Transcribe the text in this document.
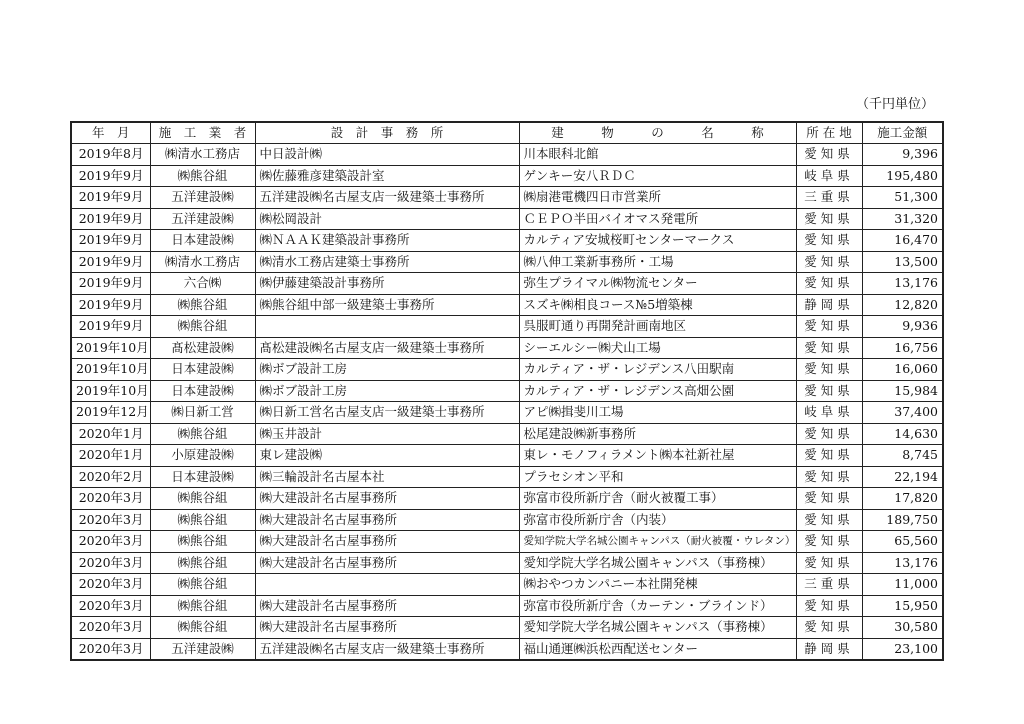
（千円単位）
年　月	施　工　業　者	設　計　事　務　所	建　　　物　　　の　　　名　　　称	所 在 地	施工金額
2019年8月	㈱清水工務店	中日設計㈱	川本眼科北館	愛知県	9,396
2019年9月	㈱熊谷組	㈱佐藤雅彦建築設計室	ゲンキー安八ＲＤＣ	岐阜県	195,480
2019年9月	五洋建設㈱	五洋建設㈱名古屋支店一級建築士事務所	㈱扇港電機四日市営業所	三重県	51,300
2019年9月	五洋建設㈱	㈱松岡設計	ＣＥＰＯ半田バイオマス発電所	愛知県	31,320
2019年9月	日本建設㈱	㈱ＮＡＡＫ建築設計事務所	カルティア安城桜町センターマークス	愛知県	16,470
2019年9月	㈱清水工務店	㈱清水工務店建築士事務所	㈱八伸工業新事務所・工場	愛知県	13,500
2019年9月	六合㈱	㈱伊藤建築設計事務所	弥生プライマル㈱物流センター	愛知県	13,176
2019年9月	㈱熊谷組	㈱熊谷組中部一級建築士事務所	スズキ㈱相良コース№5増築棟	静岡県	12,820
2019年9月	㈱熊谷組		呉服町通り再開発計画南地区	愛知県	9,936
2019年10月	髙松建設㈱	髙松建設㈱名古屋支店一級建築士事務所	シーエルシー㈱犬山工場	愛知県	16,756
2019年10月	日本建設㈱	㈱ボブ設計工房	カルティア・ザ・レジデンス八田駅南	愛知県	16,060
2019年10月	日本建設㈱	㈱ボブ設計工房	カルティア・ザ・レジデンス高畑公園	愛知県	15,984
2019年12月	㈱日新工営	㈱日新工営名古屋支店一級建築士事務所	アピ㈱揖斐川工場	岐阜県	37,400
2020年1月	㈱熊谷組	㈱玉井設計	松尾建設㈱新事務所	愛知県	14,630
2020年1月	小原建設㈱	東レ建設㈱	東レ・モノフィラメント㈱本社新社屋	愛知県	8,745
2020年2月	日本建設㈱	㈱三輪設計名古屋本社	プラセシオン平和	愛知県	22,194
2020年3月	㈱熊谷組	㈱大建設計名古屋事務所	弥富市役所新庁舎（耐火被覆工事）	愛知県	17,820
2020年3月	㈱熊谷組	㈱大建設計名古屋事務所	弥富市役所新庁舎（内装）	愛知県	189,750
2020年3月	㈱熊谷組	㈱大建設計名古屋事務所	愛知学院大学名城公園キャンパス（耐火被覆・ウレタン）	愛知県	65,560
2020年3月	㈱熊谷組	㈱大建設計名古屋事務所	愛知学院大学名城公園キャンパス（事務棟）	愛知県	13,176
2020年3月	㈱熊谷組		㈱おやつカンパニー本社開発棟	三重県	11,000
2020年3月	㈱熊谷組	㈱大建設計名古屋事務所	弥富市役所新庁舎（カーテン・ブラインド）	愛知県	15,950
2020年3月	㈱熊谷組	㈱大建設計名古屋事務所	愛知学院大学名城公園キャンパス（事務棟）	愛知県	30,580
2020年3月	五洋建設㈱	五洋建設㈱名古屋支店一級建築士事務所	福山通運㈱浜松西配送センター	静岡県	23,100
